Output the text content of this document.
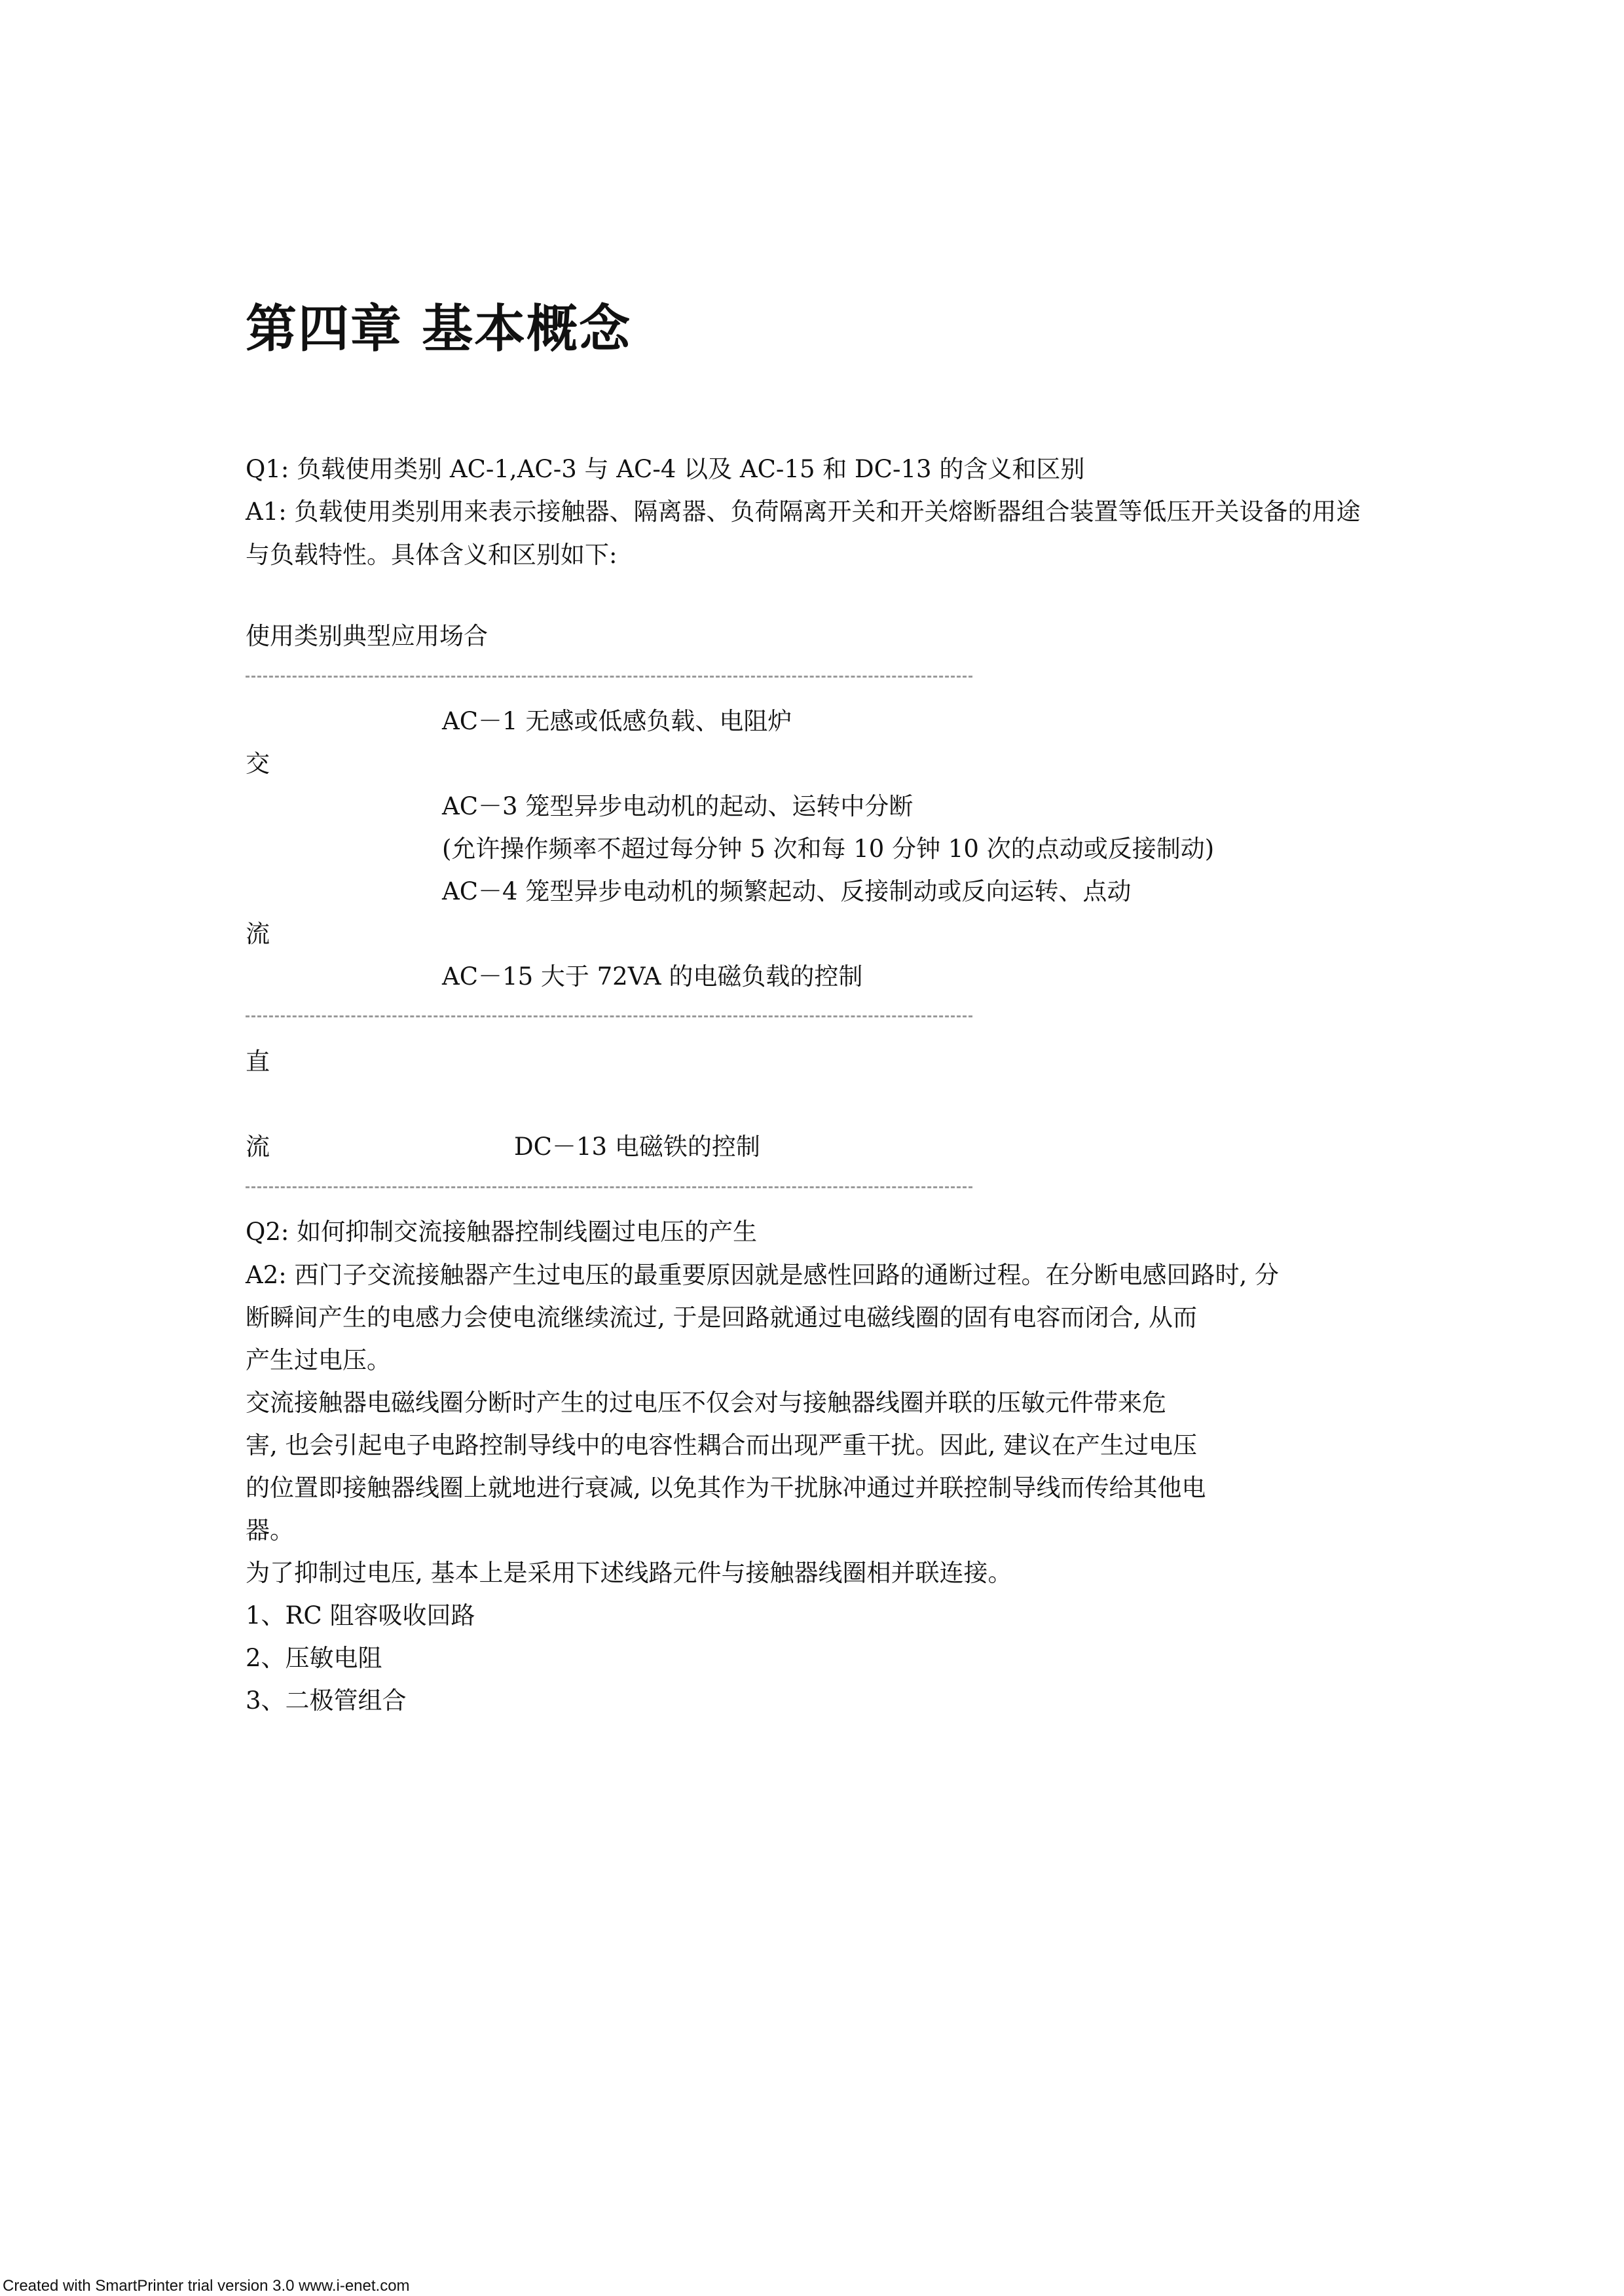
第四章 基本概念
Q1: 负载使用类别 AC-1,AC-3 与 AC-4 以及 AC-15 和 DC-13 的含义和区别
A1: 负载使用类别用来表示接触器、隔离器、负荷隔离开关和开关熔断器组合装置等低压开关设备的用途
与负载特性。具体含义和区别如下:
使用类别典型应用场合
AC－1 无感或低感负载、电阻炉
交
AC－3 笼型异步电动机的起动、运转中分断
(允许操作频率不超过每分钟 5 次和每 10 分钟 10 次的点动或反接制动)
AC－4 笼型异步电动机的频繁起动、反接制动或反向运转、点动
流
AC－15 大于 72VA 的电磁负载的控制
直
流	DC－13 电磁铁的控制
Q2: 如何抑制交流接触器控制线圈过电压的产生
A2: 西门子交流接触器产生过电压的最重要原因就是感性回路的通断过程。在分断电感回路时, 分
断瞬间产生的电感力会使电流继续流过, 于是回路就通过电磁线圈的固有电容而闭合, 从而
产生过电压。
交流接触器电磁线圈分断时产生的过电压不仅会对与接触器线圈并联的压敏元件带来危
害, 也会引起电子电路控制导线中的电容性耦合而出现严重干扰。因此, 建议在产生过电压
的位置即接触器线圈上就地进行衰减, 以免其作为干扰脉冲通过并联控制导线而传给其他电
器。
为了抑制过电压, 基本上是采用下述线路元件与接触器线圈相并联连接。
1、RC 阻容吸收回路
2、压敏电阻
3、二极管组合
Created with SmartPrinter trial version 3.0 www.i-enet.com
